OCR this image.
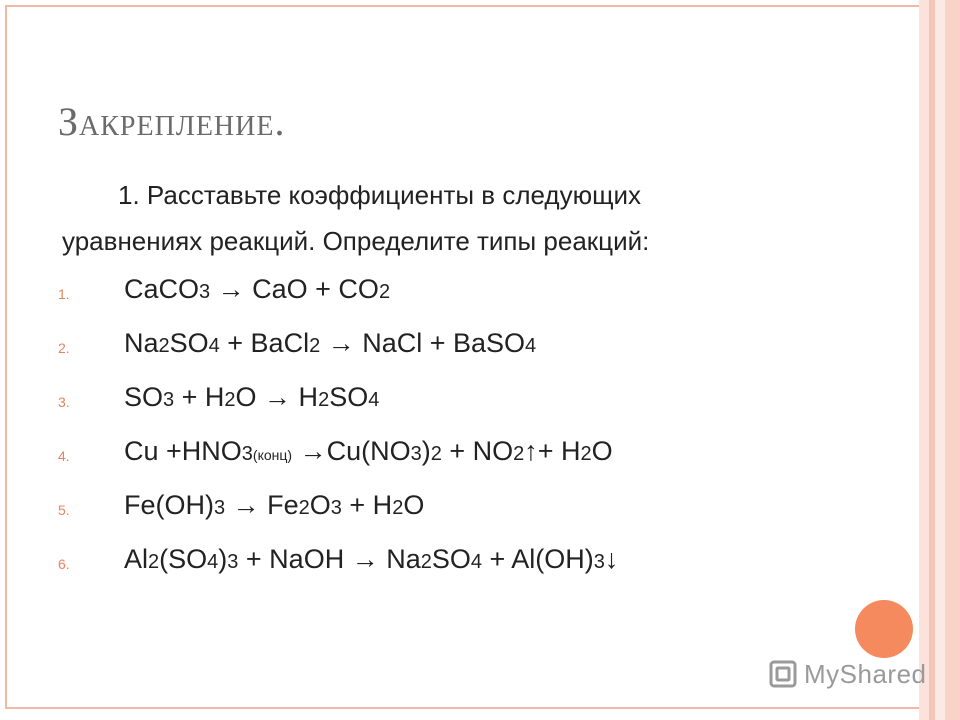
Закрепление.

1. Расставьте коэффициенты в следующих
уравнениях реакций. Определите типы реакций:

1. CaCO3 → CaO + CO2
2. Na2SO4 + BaCl2 → NaCl + BaSO4
3. SO3 + H2O → H2SO4
4. Cu +HNO3(конц) →Cu(NO3)2 + NO2↑+ H2O
5. Fe(OH)3 → Fe2O3 + H2O
6. Al2(SO4)3 + NaOH → Na2SO4 + Al(OH)3↓
MyShared
